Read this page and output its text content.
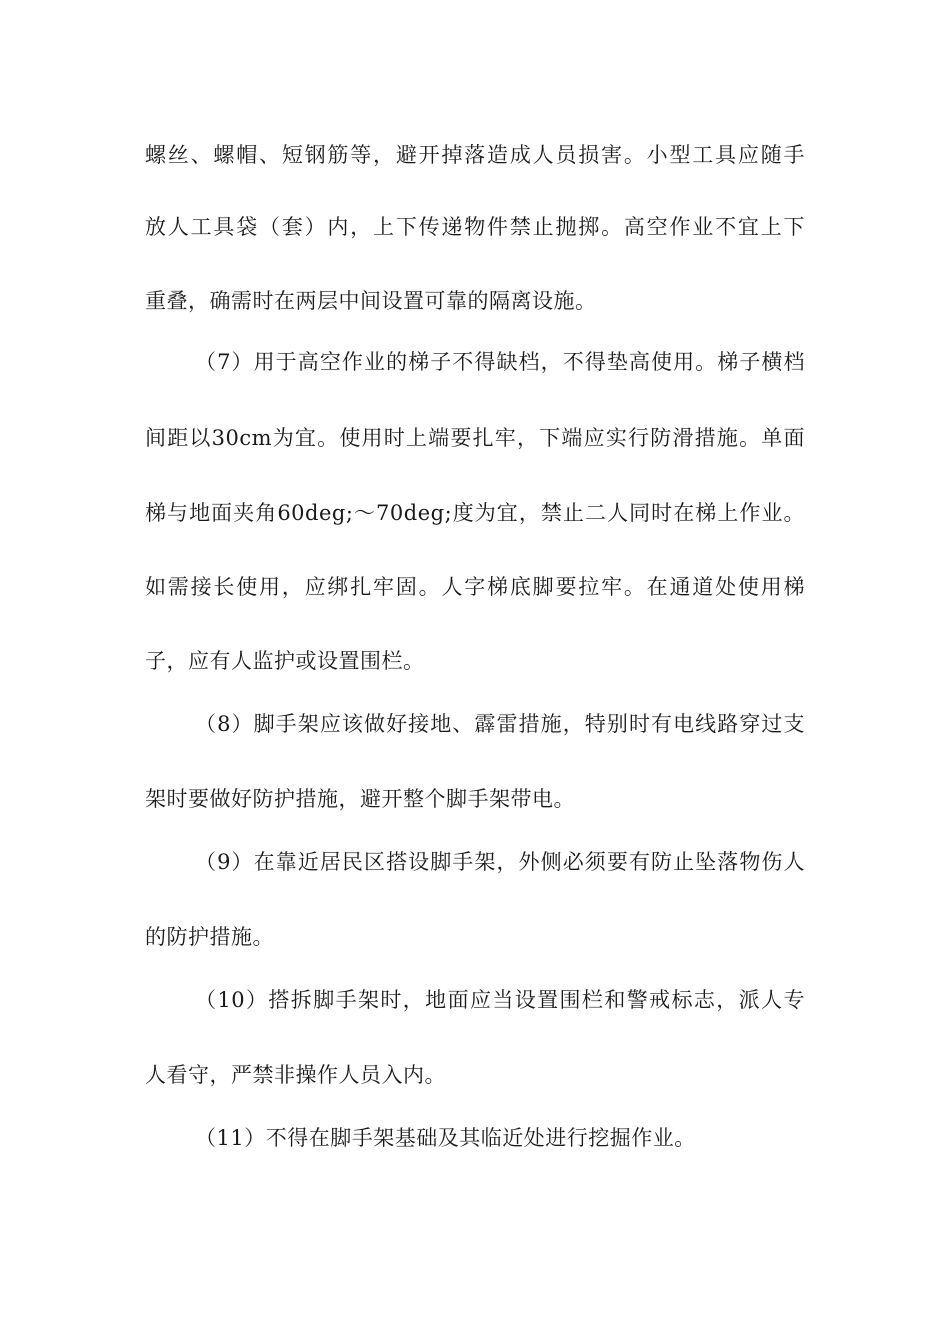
螺丝、螺帽、短钢筋等，避开掉落造成人员损害。小型工具应随手
放人工具袋（套）内，上下传递物件禁止抛掷。高空作业不宜上下
重叠，确需时在两层中间设置可靠的隔离设施。
（7）用于高空作业的梯子不得缺档，不得垫高使用。梯子横档
间距以30cm为宜。使用时上端要扎牢，下端应实行防滑措施。单面
梯与地面夹角60deg;～70deg;度为宜，禁止二人同时在梯上作业。
如需接长使用，应绑扎牢固。人字梯底脚要拉牢。在通道处使用梯
子，应有人监护或设置围栏。
（8）脚手架应该做好接地、霹雷措施，特别时有电线路穿过支
架时要做好防护措施，避开整个脚手架带电。
（9）在靠近居民区搭设脚手架，外侧必须要有防止坠落物伤人
的防护措施。
（10）搭拆脚手架时，地面应当设置围栏和警戒标志，派人专
人看守，严禁非操作人员入内。
（11）不得在脚手架基础及其临近处进行挖掘作业。
